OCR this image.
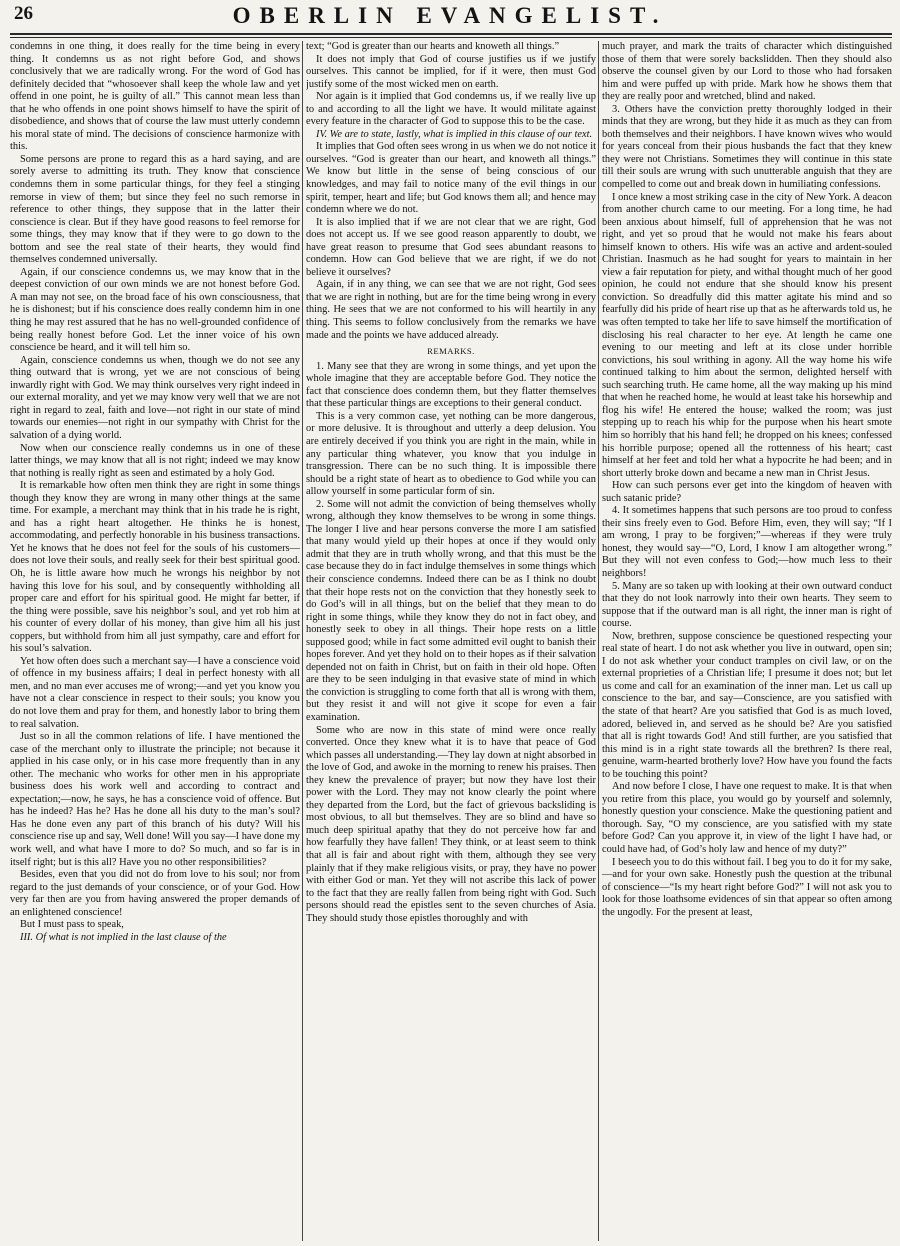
26	OBERLIN EVANGELIST.

condemns in one thing, it does really for the time being in every thing. It condemns us as not right before God, and shows conclusively that we are radically wrong. For the word of God has definitely decided that “whosoever shall keep the whole law and yet offend in one point, he is guilty of all.” This cannot mean less than that he who offends in one point shows himself to have the spirit of disobedience, and shows that of course the law must utterly condemn his moral state of mind. The decisions of conscience harmonize with this.

Some persons are prone to regard this as a hard saying, and are sorely averse to admitting its truth. They know that conscience condemns them in some particular things, for they feel a stinging remorse in view of them; but since they feel no such remorse in reference to other things, they suppose that in the latter their conscience is clear. But if they have good reasons to feel remorse for some things, they may know that if they were to go down to the bottom and see the real state of their hearts, they would find themselves condemned universally.

Again, if our conscience condemns us, we may know that in the deepest conviction of our own minds we are not honest before God. A man may not see, on the broad face of his own consciousness, that he is dishonest; but if his conscience does really condemn him in one thing he may rest assured that he has no well-grounded confidence of being really honest before God. Let the inner voice of his own conscience be heard, and it will tell him so.

Again, conscience condemns us when, though we do not see any thing outward that is wrong, yet we are not conscious of being inwardly right with God. We may think ourselves very right indeed in our external morality, and yet we may know very well that we are not right in regard to zeal, faith and love—not right in our state of mind towards our enemies—not right in our sympathy with Christ for the salvation of a dying world.

Now when our conscience really condemns us in one of these latter things, we may know that all is not right; indeed we may know that nothing is really right as seen and estimated by a holy God.

It is remarkable how often men think they are right in some things though they know they are wrong in many other things at the same time. For example, a merchant may think that in his trade he is right, and has a right heart altogether. He thinks he is honest, accommodating, and perfectly honorable in his business transactions. Yet he knows that he does not feel for the souls of his customers—does not love their souls, and really seek for their best spiritual good. Oh, he is little aware how much he wrongs his neighbor by not having this love for his soul, and by consequently withholding all proper care and effort for his spiritual good. He might far better, if the thing were possible, save his neighbor’s soul, and yet rob him at his counter of every dollar of his money, than give him all his just coppers, but withhold from him all just sympathy, care and effort for his soul’s salvation.

Yet how often does such a merchant say—I have a conscience void of offence in my business affairs; I deal in perfect honesty with all men, and no man ever accuses me of wrong;—and yet you know you have not a clear conscience in respect to their souls; you know you do not love them and pray for them, and honestly labor to bring them to real salvation.

Just so in all the common relations of life. I have mentioned the case of the merchant only to illustrate the principle; not because it applied in his case only, or in his case more frequently than in any other. The mechanic who works for other men in his appropriate business does his work well and according to contract and expectation;—now, he says, he has a conscience void of offence. But has he indeed? Has he? Has he done all his duty to the man’s soul? Has he done even any part of this branch of his duty? Will his conscience rise up and say, Well done! Will you say—I have done my work well, and what have I more to do? So much, and so far is in itself right; but is this all? Have you no other responsibilities?

Besides, even that you did not do from love to his soul; nor from regard to the just demands of your conscience, or of your God. How very far then are you from having answered the proper demands of an enlightened conscience!

But I must pass to speak,

III. Of what is not implied in the last clause of the

text; “God is greater than our hearts and knoweth all things.”

It does not imply that God of course justifies us if we justify ourselves. This cannot be implied, for if it were, then must God justify some of the most wicked men on earth.

Nor again is it implied that God condemns us, if we really live up to and according to all the light we have. It would militate against every feature in the character of God to suppose this to be the case.

IV. We are to state, lastly, what is implied in this clause of our text.

It implies that God often sees wrong in us when we do not notice it ourselves. “God is greater than our heart, and knoweth all things.” We know but little in the sense of being conscious of our knowledges, and may fail to notice many of the evil things in our spirit, temper, heart and life; but God knows them all; and hence may condemn where we do not.

It is also implied that if we are not clear that we are right, God does not accept us. If we see good reason apparently to doubt, we have great reason to presume that God sees abundant reasons to condemn. How can God believe that we are right, if we do not believe it ourselves?

Again, if in any thing, we can see that we are not right, God sees that we are right in nothing, but are for the time being wrong in every thing. He sees that we are not conformed to his will heartily in any thing. This seems to follow conclusively from the remarks we have made and the points we have adduced already.

REMARKS.

1. Many see that they are wrong in some things, and yet upon the whole imagine that they are acceptable before God. They notice the fact that conscience does condemn them, but they flatter themselves that these particular things are exceptions to their general conduct.

This is a very common case, yet nothing can be more dangerous, or more delusive. It is throughout and utterly a deep delusion. You are entirely deceived if you think you are right in the main, while in any particular thing whatever, you know that you indulge in transgression. There can be no such thing. It is impossible there should be a right state of heart as to obedience to God while you can allow yourself in some particular form of sin.

2. Some will not admit the conviction of being themselves wholly wrong, although they know themselves to be wrong in some things. The longer I live and hear persons converse the more I am satisfied that many would yield up their hopes at once if they would only admit that they are in truth wholly wrong, and that this must be the case because they do in fact indulge themselves in some things which their conscience condemns. Indeed there can be as I think no doubt that their hope rests not on the conviction that they honestly seek to do God’s will in all things, but on the belief that they mean to do right in some things, while they know they do not in fact obey, and honestly seek to obey in all things. Their hope rests on a little supposed good; while in fact some admitted evil ought to banish their hopes forever. And yet they hold on to their hopes as if their salvation depended not on faith in Christ, but on faith in their old hope. Often are they to be seen indulging in that evasive state of mind in which the conviction is struggling to come forth that all is wrong with them, but they resist it and will not give it scope for even a fair examination.

Some who are now in this state of mind were once really converted. Once they knew what it is to have that peace of God which passes all understanding.—They lay down at night absorbed in the love of God, and awoke in the morning to renew his praises. Then they knew the prevalence of prayer; but now they have lost their power with the Lord. They may not know clearly the point where they departed from the Lord, but the fact of grievous backsliding is most obvious, to all but themselves. They are so blind and have so much deep spiritual apathy that they do not perceive how far and how fearfully they have fallen! They think, or at least seem to think that all is fair and about right with them, although they see very plainly that if they make religious visits, or pray, they have no power with either God or man. Yet they will not ascribe this lack of power to the fact that they are really fallen from being right with God. Such persons should read the epistles sent to the seven churches of Asia. They should study those epistles thoroughly and with

much prayer, and mark the traits of character which distinguished those of them that were sorely backslidden. Then they should also observe the counsel given by our Lord to those who had forsaken him and were puffed up with pride. Mark how he shows them that they are really poor and wretched, blind and naked.

3. Others have the conviction pretty thoroughly lodged in their minds that they are wrong, but they hide it as much as they can from both themselves and their neighbors. I have known wives who would for years conceal from their pious husbands the fact that they knew they were not Christians. Sometimes they will continue in this state till their souls are wrung with such unutterable anguish that they are compelled to come out and break down in humiliating confessions.

I once knew a most striking case in the city of New York. A deacon from another church came to our meeting. For a long time, he had been anxious about himself, full of apprehension that he was not right, and yet so proud that he would not make his fears about himself known to others. His wife was an active and ardent-souled Christian. Inasmuch as he had sought for years to maintain in her view a fair reputation for piety, and withal thought much of her good opinion, he could not endure that she should know his present conviction. So dreadfully did this matter agitate his mind and so fearfully did his pride of heart rise up that as he afterwards told us, he was often tempted to take her life to save himself the mortification of disclosing his real character to her eye. At length he came one evening to our meeting and left at its close under horrible convictions, his soul writhing in agony. All the way home his wife continued talking to him about the sermon, delighted herself with such searching truth. He came home, all the way making up his mind that when he reached home, he would at least take his horsewhip and flog his wife! He entered the house; walked the room; was just stepping up to reach his whip for the purpose when his heart smote him so horribly that his hand fell; he dropped on his knees; confessed his horrible purpose; opened all the rottenness of his heart; cast himself at her feet and told her what a hypocrite he had been; and in short utterly broke down and became a new man in Christ Jesus.

How can such persons ever get into the kingdom of heaven with such satanic pride?

4. It sometimes happens that such persons are too proud to confess their sins freely even to God. Before Him, even, they will say; “If I am wrong, I pray to be forgiven;”—whereas if they were truly honest, they would say—“O, Lord, I know I am altogether wrong.” But they will not even confess to God;—how much less to their neighbors!

5. Many are so taken up with looking at their own outward conduct that they do not look narrowly into their own hearts. They seem to suppose that if the outward man is all right, the inner man is right of course.

Now, brethren, suppose conscience be questioned respecting your real state of heart. I do not ask whether you live in outward, open sin; I do not ask whether your conduct tramples on civil law, or on the external proprieties of a Christian life; I presume it does not; but let us come and call for an examination of the inner man. Let us call up conscience to the bar, and say—Conscience, are you satisfied with the state of that heart? Are you satisfied that God is as much loved, adored, believed in, and served as he should be? Are you satisfied that all is right towards God! And still further, are you satisfied that this mind is in a right state towards all the brethren? Is there real, genuine, warm-hearted brotherly love? How have you found the facts to be touching this point?

And now before I close, I have one request to make. It is that when you retire from this place, you would go by yourself and solemnly, honestly question your conscience. Make the questioning patient and thorough. Say, “O my conscience, are you satisfied with my state before God? Can you approve it, in view of the light I have had, or could have had, of God’s holy law and hence of my duty?”

I beseech you to do this without fail. I beg you to do it for my sake,—and for your own sake. Honestly push the question at the tribunal of conscience—“Is my heart right before God?” I will not ask you to look for those loathsome evidences of sin that appear so often among the ungodly. For the present at least,
